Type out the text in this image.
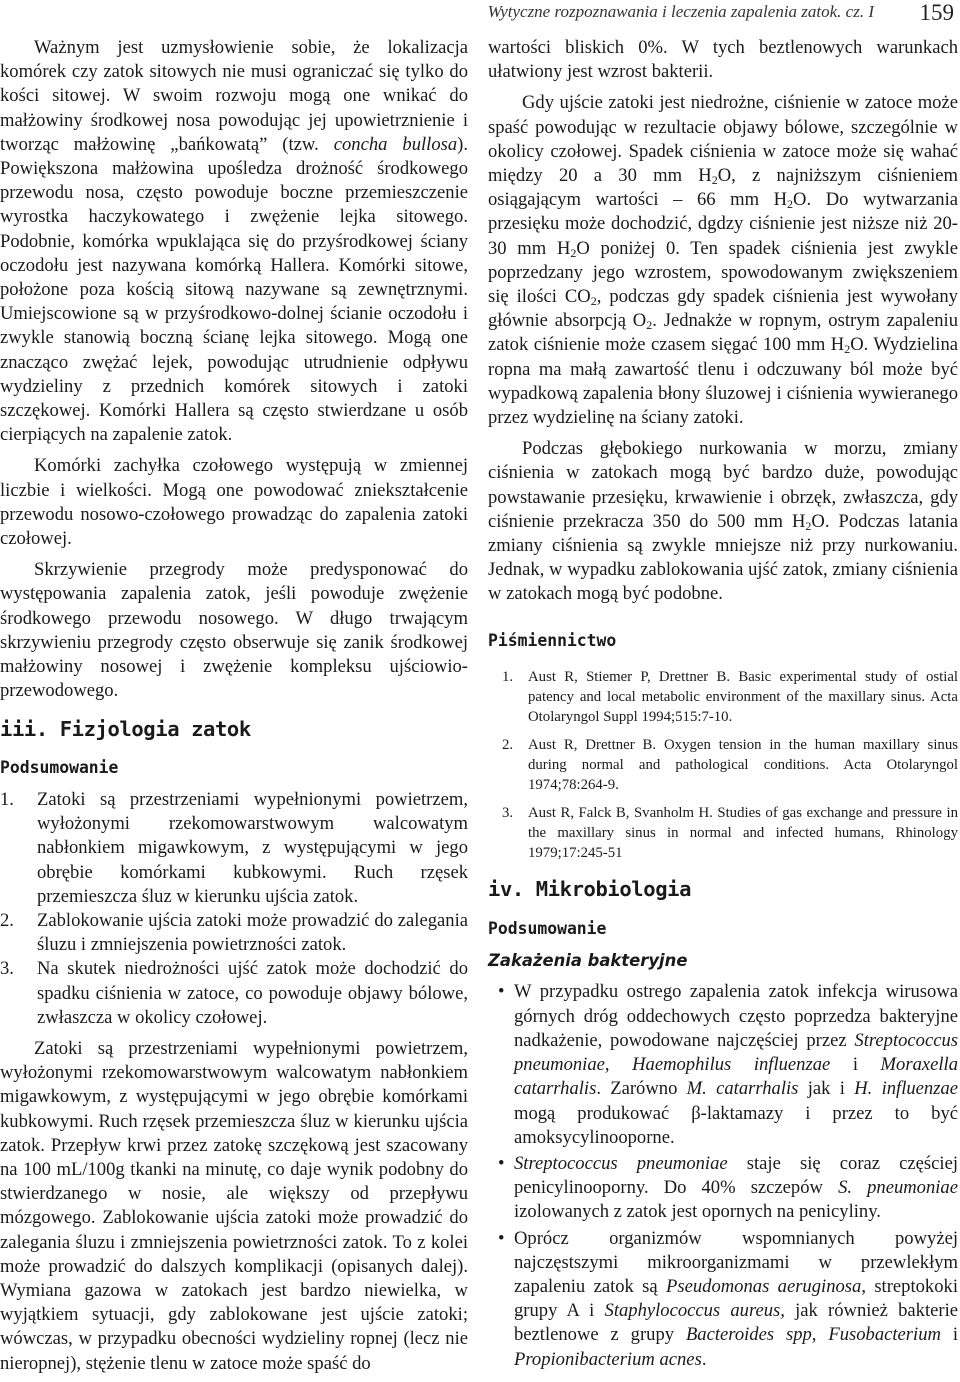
Wytyczne rozpoznawania i leczenia zapalenia zatok. cz. I 159

Ważnym jest uzmysłowienie sobie, że lokalizacja komórek czy zatok sitowych nie musi ograniczać się tylko do kości sitowej. W swoim rozwoju mogą one wnikać do małżowiny środkowej nosa powodując jej upowietrznienie i tworząc małżowinę „bańkowatą” (tzw. concha bullosa). Powiększona małżowina upośledza drożność środkowego przewodu nosa, często powoduje boczne przemieszczenie wyrostka haczykowatego i zwężenie lejka sitowego. Podobnie, komórka wpuklająca się do przyśrodkowej ściany oczodołu jest nazywana komórką Hallera. Komórki sitowe, położone poza kością sitową nazywane są zewnętrznymi. Umiejscowione są w przyśrodkowo-dolnej ścianie oczodołu i zwykle stanowią boczną ścianę lejka sitowego. Mogą one znacząco zwężać lejek, powodując utrudnienie odpływu wydzieliny z przednich komórek sitowych i zatoki szczękowej. Komórki Hallera są często stwierdzane u osób cierpiących na zapalenie zatok.

Komórki zachyłka czołowego występują w zmiennej liczbie i wielkości. Mogą one powodować zniekształcenie przewodu nosowo-czołowego prowadząc do zapalenia zatoki czołowej.

Skrzywienie przegrody może predysponować do występowania zapalenia zatok, jeśli powoduje zwężenie środkowego przewodu nosowego. W długo trwającym skrzywieniu przegrody często obserwuje się zanik środkowej małżowiny nosowej i zwężenie kompleksu ujściowio-przewodowego.

iii. Fizjologia zatok
Podsumowanie
1.	Zatoki są przestrzeniami wypełnionymi powietrzem, wyłożonymi rzekomowarstwowym walcowatym nabłonkiem migawkowym, z występującymi w jego obrębie komórkami kubkowymi. Ruch rzęsek przemieszcza śluz w kierunku ujścia zatok.
2.	Zablokowanie ujścia zatoki może prowadzić do zalegania śluzu i zmniejszenia powietrzności zatok.
3.	Na skutek niedrożności ujść zatok może dochodzić do spadku ciśnienia w zatoce, co powoduje objawy bólowe, zwłaszcza w okolicy czołowej.

Zatoki są przestrzeniami wypełnionymi powietrzem, wyłożonymi rzekomowarstwowym walcowatym nabłonkiem migawkowym, z występującymi w jego obrębie komórkami kubkowymi. Ruch rzęsek przemieszcza śluz w kierunku ujścia zatok. Przepływ krwi przez zatokę szczękową jest szacowany na 100 mL/100g tkanki na minutę, co daje wynik podobny do stwierdzanego w nosie, ale większy od przepływu mózgowego. Zablokowanie ujścia zatoki może prowadzić do zalegania śluzu i zmniejszenia powietrzności zatok. To z kolei może prowadzić do dalszych komplikacji (opisanych dalej). Wymiana gazowa w zatokach jest bardzo niewielka, w wyjątkiem sytuacji, gdy zablokowane jest ujście zatoki; wówczas, w przypadku obecności wydzieliny ropnej (lecz nie nieropnej), stężenie tlenu w zatoce może spaść do

wartości bliskich 0%. W tych beztlenowych warunkach ułatwiony jest wzrost bakterii.

Gdy ujście zatoki jest niedrożne, ciśnienie w zatoce może spaść powodując w rezultacie objawy bólowe, szczególnie w okolicy czołowej. Spadek ciśnienia w zatoce może się wahać między 20 a 30 mm $H_2O$, z najniższym ciśnieniem osiągającym wartości – 66 mm $H_2O$. Do wytwarzania przesięku może dochodzić, dgdzy ciśnienie jest niższe niż 20-30 mm $H_2O$ poniżej 0. Ten spadek ciśnienia jest zwykle poprzedzany jego wzrostem, spowodowanym zwiększeniem się ilości $CO_2$, podczas gdy spadek ciśnienia jest wywołany głównie absorpcją $O_2$. Jednakże w ropnym, ostrym zapaleniu zatok ciśnienie może czasem sięgać 100 mm $H_2O$. Wydzielina ropna ma małą zawartość tlenu i odczuwany ból może być wypadkową zapalenia błony śluzowej i ciśnienia wywieranego przez wydzielinę na ściany zatoki.

Podczas głębokiego nurkowania w morzu, zmiany ciśnienia w zatokach mogą być bardzo duże, powodując powstawanie przesięku, krwawienie i obrzęk, zwłaszcza, gdy ciśnienie przekracza 350 do 500 mm $H_2O$. Podczas latania zmiany ciśnienia są zwykle mniejsze niż przy nurkowaniu. Jednak, w wypadku zablokowania ujść zatok, zmiany ciśnienia w zatokach mogą być podobne.

Piśmiennictwo
1.	Aust R, Stiemer P, Drettner B. Basic experimental study of ostial patency and local metabolic environment of the maxillary sinus. Acta Otolaryngol Suppl 1994;515:7-10.
2.	Aust R, Drettner B. Oxygen tension in the human maxillary sinus during normal and pathological conditions. Acta Otolaryngol 1974;78:264-9.
3.	Aust R, Falck B, Svanholm H. Studies of gas exchange and pressure in the maxillary sinus in normal and infected humans, Rhinology 1979;17:245-51
iv. Mikrobiologia
Podsumowanie
Zakażenia bakteryjne
• W przypadku ostrego zapalenia zatok infekcja wirusowa górnych dróg oddechowych często poprzedza bakteryjne nadkażenie, powodowane najczęściej przez Streptococcus pneumoniae, Haemophilus influenzae i Moraxella catarrhalis. Zarówno M. catarrhalis jak i H. influenzae mogą produkować β-laktamazy i przez to być amoksycylinooporne.
• Streptococcus pneumoniae staje się coraz częściej penicylinooporny. Do 40% szczepów S. pneumoniae izolowanych z zatok jest opornych na penicyliny.
• Oprócz organizmów wspomnianych powyżej najczęstszymi mikroorganizmami w przewlekłym zapaleniu zatok są Pseudomonas aeruginosa, streptokoki grupy A i Staphylococcus aureus, jak również bakterie beztlenowe z grupy Bacteroides spp, Fusobacterium i Propionibacterium acnes.
